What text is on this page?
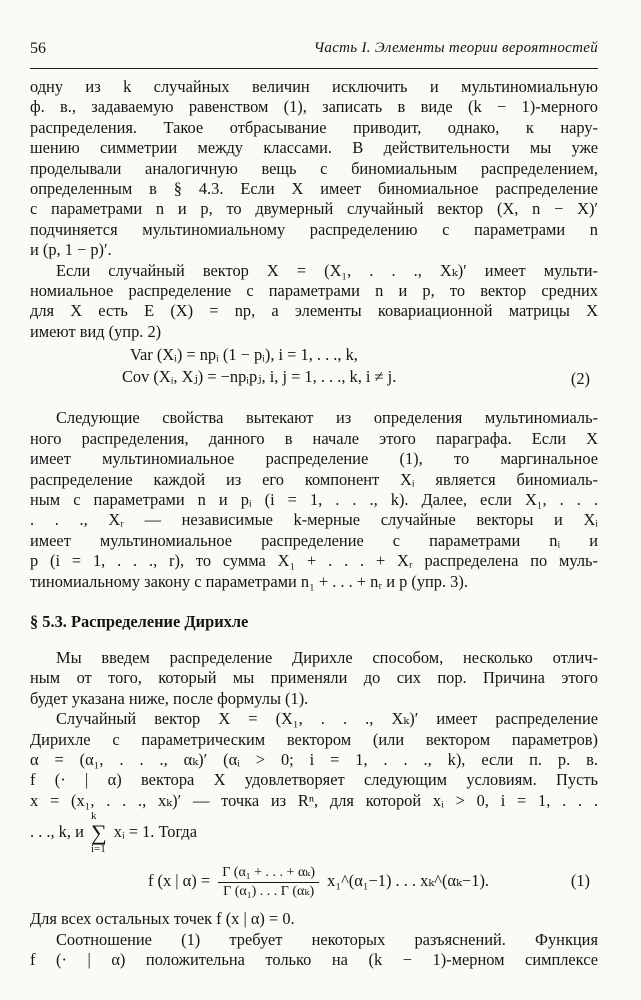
56	Часть I. Элементы теории вероятностей
одну из k случайных величин исключить и мультиномиальную
ф. в., задаваемую равенством (1), записать в виде (k − 1)-мерного
распределения. Такое отбрасывание приводит, однако, к нару-
шению симметрии между классами. В действительности мы уже
проделывали аналогичную вещь с биномиальным распределением,
определенным в § 4.3. Если X имеет биномиальное распределение
с параметрами n и p, то двумерный случайный вектор (X, n − X)′
подчиняется мультиномиальному распределению с параметрами n
и (p, 1 − p)′.
Если случайный вектор X = (X₁, . . ., Xₖ)′ имеет мульти-
номиальное распределение с параметрами n и p, то вектор средних
для X есть E (X) = np, а элементы ковариационной матрицы X
имеют вид (упр. 2)
Var (Xᵢ) = npᵢ (1 − pᵢ), i = 1, . . ., k,
Cov (Xᵢ, Xⱼ) = −npᵢpⱼ, i, j = 1, . . ., k, i ≠ j.	(2)
Следующие свойства вытекают из определения мультиномиаль-
ного распределения, данного в начале этого параграфа. Если X
имеет мультиномиальное распределение (1), то маргинальное
распределение каждой из его компонент Xᵢ является биномиаль-
ным с параметрами n и pᵢ (i = 1, . . ., k). Далее, если X₁, . . .
. . ., Xᵣ — независимые k-мерные случайные векторы и Xᵢ
имеет мультиномиальное распределение с параметрами nᵢ и
p (i = 1, . . ., r), то сумма X₁ + . . . + Xᵣ распределена по муль-
тиномиальному закону с параметрами n₁ + . . . + nᵣ и p (упр. 3).

§ 5.3. Распределение Дирихле

Мы введем распределение Дирихле способом, несколько отлич-
ным от того, который мы применяли до сих пор. Причина этого
будет указана ниже, после формулы (1).
Случайный вектор X = (X₁, . . ., Xₖ)′ имеет распределение
Дирихле с параметрическим вектором (или вектором параметров)
α = (α₁, . . ., αₖ)′ (αᵢ > 0; i = 1, . . ., k), если п. р. в.
f (· | α) вектора X удовлетворяет следующим условиям. Пусть
x = (x₁, . . ., xₖ)′ — точка из Rⁿ, для которой xᵢ > 0, i = 1, . . .
. . ., k, и k
∑
i=1 xᵢ = 1. Тогда
f (x | $\alpha) = \frac{\text{Γ (α₁ + . . . + αₖ)}}{\text{Γ (α₁) . . . Γ (αₖ)}}$ x₁^(α₁−1) . . . xₖ^(αₖ−1).	(1)
Для всех остальных точек f (x | α) = 0.
Соотношение (1) требует некоторых разъяснений. Функция
f (· | α) положительна только на (k − 1)-мерном симплексе
